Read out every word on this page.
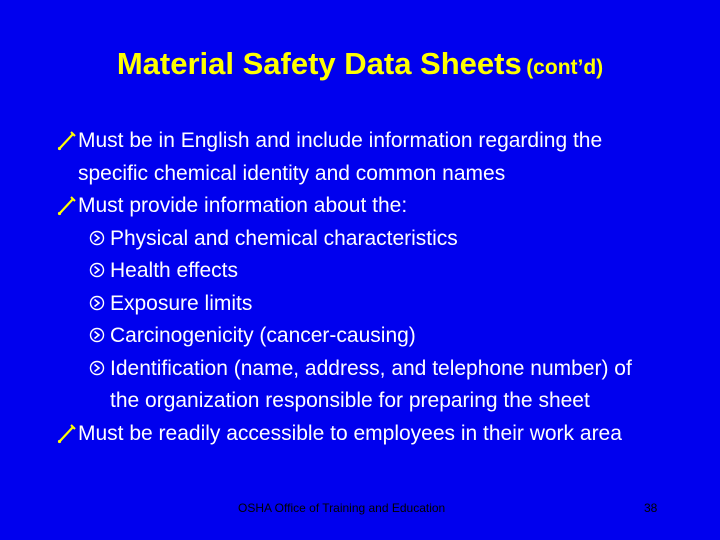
Material Safety Data Sheets (cont’d)
Must be in English and include information regarding the
specific chemical identity and common names
Must provide information about the:
Physical and chemical characteristics
Health effects
Exposure limits
Carcinogenicity (cancer-causing)
Identification (name, address, and telephone number) of
the organization responsible for preparing the sheet
Must be readily accessible to employees in their work area
OSHA Office of Training and Education	38
